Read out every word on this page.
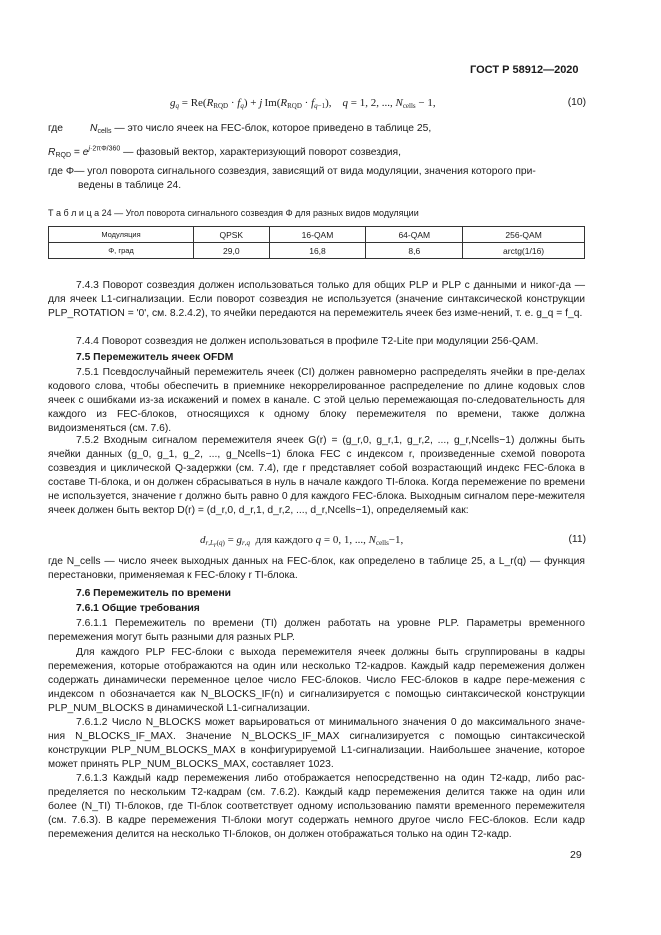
ГОСТ Р 58912—2020
$g_q = Re(R_{RQD} \cdot f_q) + j$ $Im(R_{RQD} \cdot f_{q-1})$,    q = 1, 2, ..., $N_{cells} - 1$,	(10)
где	$N_{cells}$ — это число ячеек на FEC-блок, которое приведено в таблице 25,
$R_{RQD} = e^{j\cdot 2\pi\Phi/360}$ — фазовый вектор, характеризующий поворот созвездия,
где Φ— угол поворота сигнального созвездия, зависящий от вида модуляции, значения которого при-
ведены в таблице 24.
Т а б л и ц а 24 — Угол поворота сигнального созвездия Φ для разных видов модуляции
Модуляция	QPSK	16-QAM	64-QAM	256-QAM
Φ, град	29,0	16,8	8,6	arctg(1/16)
7.4.3 Поворот созвездия должен использоваться только для общих PLP и PLP с данными и никог-да — для ячеек L1-сигнализации. Если поворот созвездия не используется (значение синтаксической конструкции PLP_ROTATION = '0', см. 8.2.4.2), то ячейки передаются на перемежитель ячеек без изме-нений, т. е. g_q = f_q.
7.4.4 Поворот созвездия не должен использоваться в профиле T2-Lite при модуляции 256-QAM.
7.5 Перемежитель ячеек OFDM
7.5.1 Псевдослучайный перемежитель ячеек (CI) должен равномерно распределять ячейки в пре-делах кодового слова, чтобы обеспечить в приемнике некоррелированное распределение по длине кодовых слов ячеек с ошибками из-за искажений и помех в канале. С этой целью перемежающая по-следовательность для каждого из FEC-блоков, относящихся к одному блоку перемежителя по времени, также должна видоизменяться (см. 7.6).
7.5.2 Входным сигналом перемежителя ячеек G(r) = (g_r,0, g_r,1, g_r,2, ..., g_r,Ncells−1) должны быть ячейки данных (g_0, g_1, g_2, ..., g_Ncells−1) блока FEC с индексом r, произведенные схемой поворота созвездия и циклической Q-задержки (см. 7.4), где r представляет собой возрастающий индекс FEC-блока в составе TI-блока, и он должен сбрасываться в нуль в начале каждого TI-блока. Когда перемежение по времени не используется, значение r должно быть равно 0 для каждого FEC-блока. Выходным сигналом пере-межителя ячеек должен быть вектор D(r) = (d_r,0, d_r,1, d_r,2, ..., d_r,Ncells−1), определяемый как:
$d_{r,L_r(q)} = g_{r,q}$  для каждого q = 0, 1, ..., $N_{cells}-1$,	(11)
где N_cells — число ячеек выходных данных на FEC-блок, как определено в таблице 25, а L_r(q) — функция перестановки, применяемая к FEC-блоку r TI-блока.
7.6 Перемежитель по времени
7.6.1 Общие требования
7.6.1.1 Перемежитель по времени (TI) должен работать на уровне PLP. Параметры временного перемежения могут быть разными для разных PLP.
Для каждого PLP FEC-блоки с выхода перемежителя ячеек должны быть сгруппированы в кадры перемежения, которые отображаются на один или несколько T2-кадров. Каждый кадр перемежения должен содержать динамически переменное целое число FEC-блоков. Число FEC-блоков в кадре пере-межения с индексом n обозначается как N_BLOCKS_IF(n) и сигнализируется с помощью синтаксической конструкции PLP_NUM_BLOCKS в динамической L1-сигнализации.
7.6.1.2 Число N_BLOCKS может варьироваться от минимального значения 0 до максимального значе-ния N_BLOCKS_IF_MAX. Значение N_BLOCKS_IF_MAX сигнализируется с помощью синтаксической конструкции PLP_NUM_BLOCKS_MAX в конфигурируемой L1-сигнализации. Наибольшее значение, которое может принять PLP_NUM_BLOCKS_MAX, составляет 1023.
7.6.1.3 Каждый кадр перемежения либо отображается непосредственно на один T2-кадр, либо рас-пределяется по нескольким T2-кадрам (см. 7.6.2). Каждый кадр перемежения делится также на один или более (N_TI) TI-блоков, где TI-блок соответствует одному использованию памяти временного перемежителя (см. 7.6.3). В кадре перемежения TI-блоки могут содержать немного другое число FEC-блоков. Если кадр перемежения делится на несколько TI-блоков, он должен отображаться только на один T2-кадр.
29
